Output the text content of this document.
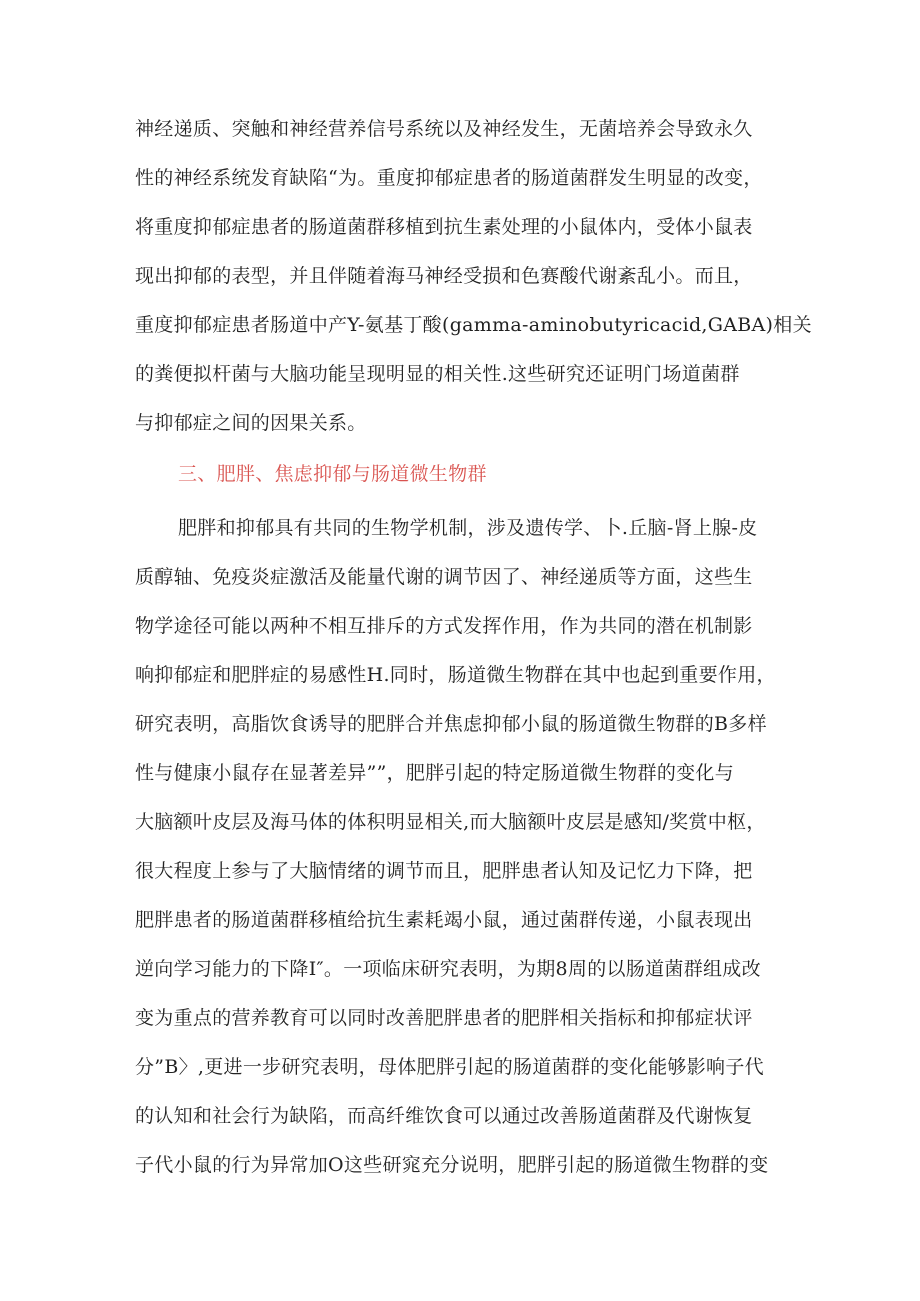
神经递质、突触和神经营养信号系统以及神经发生，无菌培养会导致永久
性的神经系统发育缺陷“为。重度抑郁症患者的肠道菌群发生明显的改变，
将重度抑郁症患者的肠道菌群移植到抗生素处理的小鼠体内，受体小鼠表
现出抑郁的表型，并且伴随着海马神经受损和色赛酸代谢紊乱小。而且，
重度抑郁症患者肠道中产Y-氨基丁酸(gamma-aminobutyricacid,GABA)相关
的粪便拟杆菌与大脑功能呈现明显的相关性.这些研究还证明门场道菌群
与抑郁症之间的因果关系。
三、肥胖、焦虑抑郁与肠道微生物群
肥胖和抑郁具有共同的生物学机制，涉及遗传学、卜.丘脑-肾上腺-皮
质醇轴、免疫炎症激活及能量代谢的调节因了、神经递质等方面，这些生
物学途径可能以两种不相互排斥的方式发挥作用，作为共同的潜在机制影
响抑郁症和肥胖症的易感性H.同时，肠道微生物群在其中也起到重要作用，
研究表明，高脂饮食诱导的肥胖合并焦虑抑郁小鼠的肠道微生物群的B多样
性与健康小鼠存在显著差异””，肥胖引起的特定肠道微生物群的变化与
大脑额叶皮层及海马体的体积明显相关,而大脑额叶皮层是感知/奖赏中枢，
很大程度上参与了大脑情绪的调节而且，肥胖患者认知及记忆力下降，把
肥胖患者的肠道菌群移植给抗生素耗竭小鼠，通过菌群传递，小鼠表现出
逆向学习能力的下降I″。一项临床研究表明，为期8周的以肠道菌群组成改
变为重点的营养教育可以同时改善肥胖患者的肥胖相关指标和抑郁症状评
分”B〉,更进一步研究表明，母体肥胖引起的肠道菌群的变化能够影响子代
的认知和社会行为缺陷，而高纤维饮食可以通过改善肠道菌群及代谢恢复
子代小鼠的行为异常加O这些研窕充分说明，肥胖引起的肠道微生物群的变
